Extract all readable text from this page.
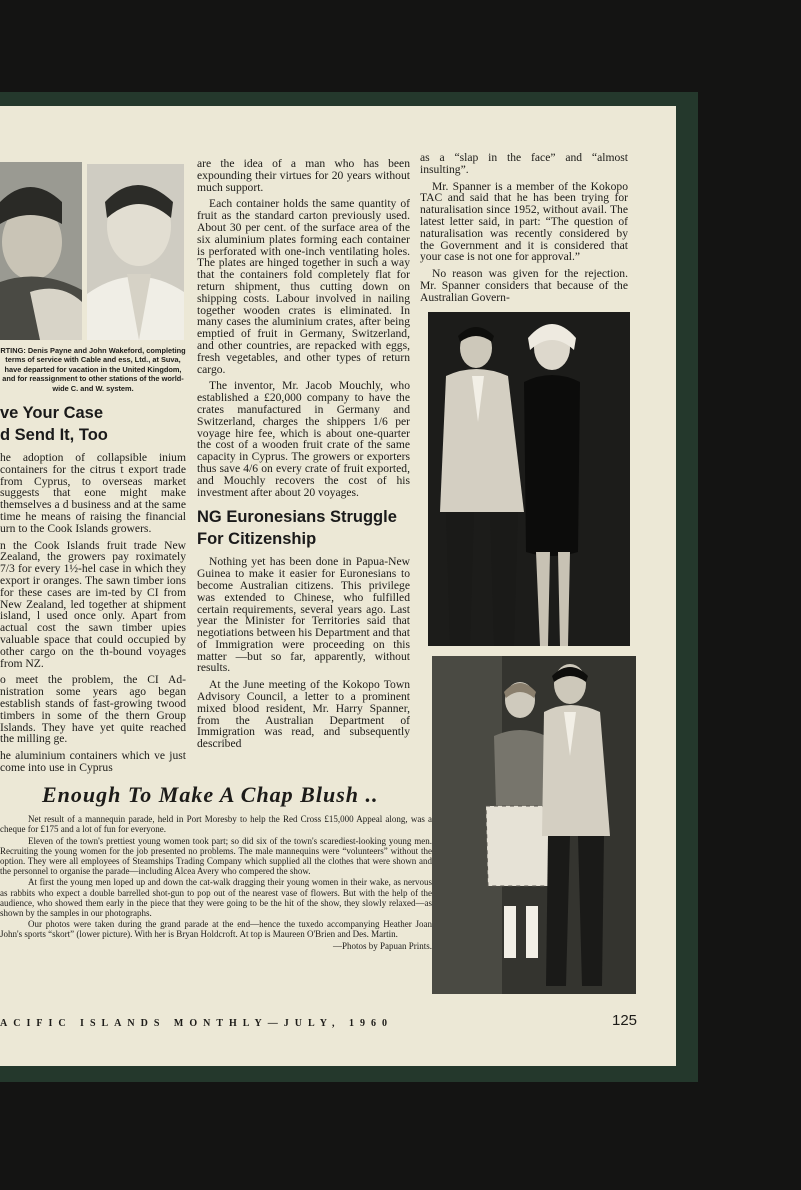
RTING: Denis Payne and John Wakeford, completing terms of service with Cable and ess, Ltd., at Suva, have departed for vacation in the United Kingdom, and for reassignment to other stations of the world-wide C. and W. system.
ve Your Case
d Send It, Too

he adoption of collapsible inium containers for the citrus t export trade from Cyprus, to overseas market suggests that eone might make themselves a d business and at the same time he means of raising the financial urn to the Cook Islands growers.

n the Cook Islands fruit trade New Zealand, the growers pay roximately 7/3 for every 1½-hel case in which they export ir oranges. The sawn timber ions for these cases are im-ted by CI from New Zealand, led together at shipment island, l used once only. Apart from actual cost the sawn timber upies valuable space that could occupied by other cargo on the th-bound voyages from NZ.

o meet the problem, the CI Ad-nistration some years ago began establish stands of fast-growing twood timbers in some of the thern Group Islands. They have yet quite reached the milling ge.

he aluminium containers which ve just come into use in Cyprus

are the idea of a man who has been expounding their virtues for 20 years without much support.

Each container holds the same quantity of fruit as the standard carton previously used. About 30 per cent. of the surface area of the six aluminium plates forming each container is perforated with one-inch ventilating holes. The plates are hinged together in such a way that the containers fold completely flat for return shipment, thus cutting down on shipping costs. Labour involved in nailing together wooden crates is eliminated. In many cases the aluminium crates, after being emptied of fruit in Germany, Switzerland, and other countries, are repacked with eggs, fresh vegetables, and other types of return cargo.

The inventor, Mr. Jacob Mouchly, who established a £20,000 company to have the crates manufactured in Germany and Switzerland, charges the shippers 1/6 per voyage hire fee, which is about one-quarter the cost of a wooden fruit crate of the same capacity in Cyprus. The growers or exporters thus save 4/6 on every crate of fruit exported, and Mouchly recovers the cost of his investment after about 20 voyages.

NG Euronesians Struggle
For Citizenship

Nothing yet has been done in Papua-New Guinea to make it easier for Euronesians to become Australian citizens. This privilege was extended to Chinese, who fulfilled certain requirements, several years ago. Last year the Minister for Territories said that negotiations between his Department and that of Immigration were proceeding on this matter —but so far, apparently, without results.

At the June meeting of the Kokopo Town Advisory Council, a letter to a prominent mixed blood resident, Mr. Harry Spanner, from the Australian Department of Immigration was read, and subsequently described

as a “slap in the face” and “almost insulting”.

Mr. Spanner is a member of the Kokopo TAC and said that he has been trying for naturalisation since 1952, without avail. The latest letter said, in part: “The question of naturalisation was recently considered by the Government and it is considered that your case is not one for approval.”

No reason was given for the rejection. Mr. Spanner considers that because of the Australian Govern-

Enough To Make A Chap Blush ..

Net result of a mannequin parade, held in Port Moresby to help the Red Cross £15,000 Appeal along, was a cheque for £175 and a lot of fun for everyone.

Eleven of the town's prettiest young women took part; so did six of the town's scarediest-looking young men. Recruiting the young women for the job presented no problems. The male mannequins were “volunteers” without the option. They were all employees of Steamships Trading Company which supplied all the clothes that were shown and the personnel to organise the parade—including Alcea Avery who compered the show.

At first the young men loped up and down the cat-walk dragging their young women in their wake, as nervous as rabbits who expect a double barrelled shot-gun to pop out of the nearest vase of flowers. But with the help of the audience, who showed them early in the piece that they were going to be the hit of the show, they slowly relaxed—as shown by the samples in our photographs.

Our photos were taken during the grand parade at the end—hence the tuxedo accompanying Heather Joan John's sports “skort” (lower picture). With her is Bryan Holdcroft. At top is Maureen O'Brien and Des. Martin.

—Photos by Papuan Prints.
ACIFIC ISLANDS MONTHLY—JULY, 1960	125
